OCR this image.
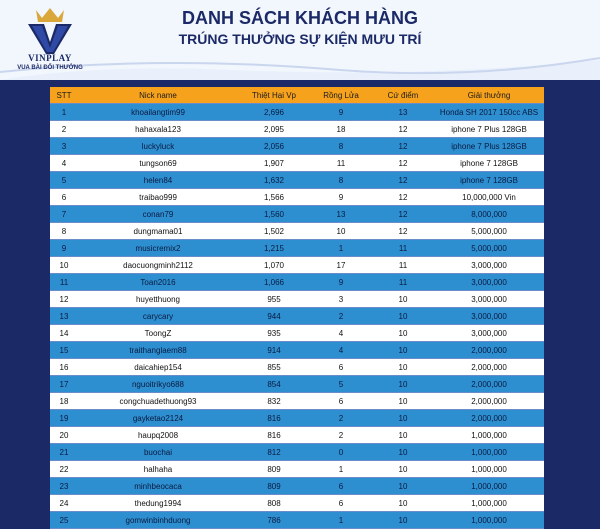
VINPLAY
VUA BÀI ĐỔI THƯỞNG
DANH SÁCH KHÁCH HÀNG
TRÚNG THƯỞNG SỰ KIỆN MƯU TRÍ
STT	Nick name	Thiệt Hại Vp	Rồng Lửa	Cứ điểm	Giải thưởng
1	khoailangtim99	2,696	9	13	Honda SH 2017 150cc ABS
2	hahaxala123	2,095	18	12	iphone 7 Plus 128GB
3	luckyluck	2,056	8	12	iphone 7 Plus 128GB
4	tungson69	1,907	11	12	iphone 7 128GB
5	helen84	1,632	8	12	iphone 7 128GB
6	traibao999	1,566	9	12	10,000,000 Vin
7	conan79	1,560	13	12	8,000,000
8	dungmama01	1,502	10	12	5,000,000
9	musicremix2	1,215	1	11	5,000,000
10	daocuongminh2112	1,070	17	11	3,000,000
11	Toan2016	1,066	9	11	3,000,000
12	huyetthuong	955	3	10	3,000,000
13	carycary	944	2	10	3,000,000
14	ToongZ	935	4	10	3,000,000
15	traithanglaem88	914	4	10	2,000,000
16	daicahiep154	855	6	10	2,000,000
17	nguoitrikyo688	854	5	10	2,000,000
18	congchuadethuong93	832	6	10	2,000,000
19	gayketao2124	816	2	10	2,000,000
20	haupq2008	816	2	10	1,000,000
21	buochai	812	0	10	1,000,000
22	halhaha	809	1	10	1,000,000
23	minhbeocaca	809	6	10	1,000,000
24	thedung1994	808	6	10	1,000,000
25	gomwinbinhduong	786	1	10	1,000,000
